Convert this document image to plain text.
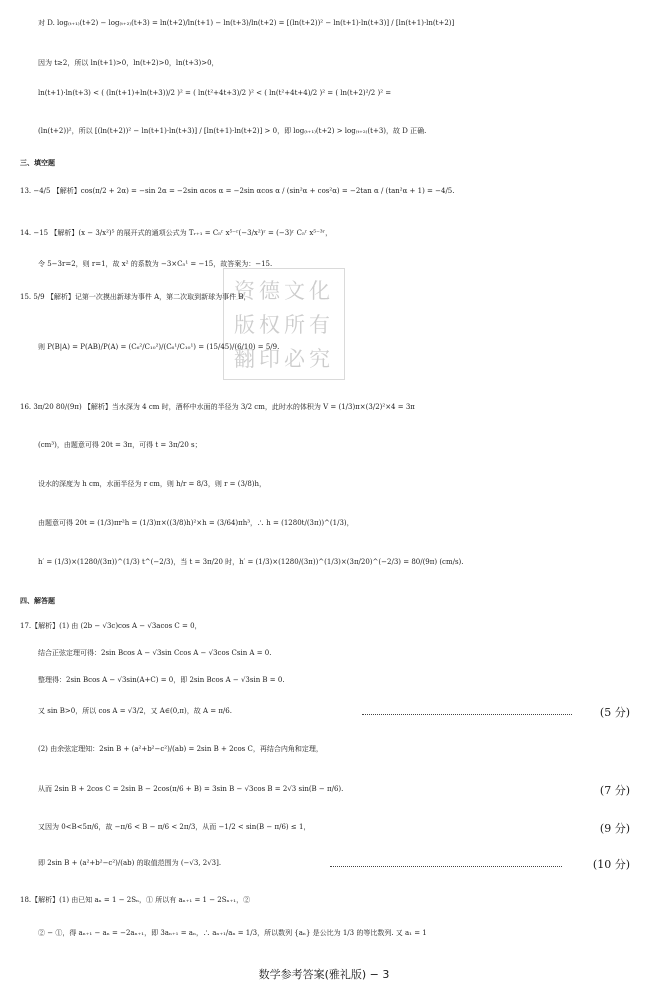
资德文化
版权所有
翻印必究
对 D. log₍ₜ₊₁₎(t+2) − log₍ₜ₊₂₎(t+3) = ln(t+2)/ln(t+1) − ln(t+3)/ln(t+2) = [(ln(t+2))² − ln(t+1)·ln(t+3)] / [ln(t+1)·ln(t+2)]
因为 t≥2，所以 ln(t+1)>0，ln(t+2)>0，ln(t+3)>0，
ln(t+1)·ln(t+3) < ( (ln(t+1)+ln(t+3))/2 )² = ( ln(t²+4t+3)/2 )² < ( ln(t²+4t+4)/2 )² = ( ln(t+2)²/2 )² =
(ln(t+2))²，所以 [(ln(t+2))² − ln(t+1)·ln(t+3)] / [ln(t+1)·ln(t+2)] > 0，即 log₍ₜ₊₁₎(t+2) > log₍ₜ₊₂₎(t+3)，故 D 正确.
三、填空题
13. −4/5 【解析】cos(π/2 + 2α) = −sin 2α = −2sin αcos α = −2sin αcos α / (sin²α + cos²α) = −2tan α / (tan²α + 1) = −4/5.
14. −15 【解析】(x − 3/x²)⁵ 的展开式的通项公式为 Tᵣ₊₁ = C₅ʳ x⁵⁻ʳ(−3/x²)ʳ = (−3)ʳ C₅ʳ x⁵⁻³ʳ，
令 5−3r=2，则 r=1，故 x² 的系数为 −3×C₅¹ = −15，故答案为：−15.
15. 5/9 【解析】记第一次摸出新球为事件 A，第二次取到新球为事件 B，
则 P(B|A) = P(AB)/P(A) = (C₆²/C₁₀²)/(C₆¹/C₁₀¹) = (15/45)/(6/10) = 5/9.
16. 3π/20 80/(9π) 【解析】当水深为 4 cm 时，酒杯中水面的半径为 3/2 cm，此时水的体积为 V = (1/3)π×(3/2)²×4 = 3π
(cm³)，由题意可得 20t = 3π，可得 t = 3π/20 s；
设水的深度为 h cm，水面半径为 r cm，则 h/r = 8/3，则 r = (3/8)h，
由题意可得 20t = (1/3)πr²h = (1/3)π×((3/8)h)²×h = (3/64)πh³，∴ h = (1280t/(3π))^(1/3)，
h′ = (1/3)×(1280/(3π))^(1/3) t^(−2/3)，当 t = 3π/20 时，h′ = (1/3)×(1280/(3π))^(1/3)×(3π/20)^(−2/3) = 80/(9π) (cm/s).
四、解答题
17.【解析】(1) 由 (2b − √3c)cos A − √3acos C = 0，
结合正弦定理可得：2sin Bcos A − √3sin Ccos A − √3cos Csin A = 0.
整理得：2sin Bcos A − √3sin(A+C) = 0，即 2sin Bcos A − √3sin B = 0.
又 sin B>0，所以 cos A = √3/2，又 A∈(0,π)，故 A = π/6.	(5 分)
(2) 由余弦定理知：2sin B + (a²+b²−c²)/(ab) = 2sin B + 2cos C，再结合内角和定理，
从而 2sin B + 2cos C = 2sin B − 2cos(π/6 + B) = 3sin B − √3cos B = 2√3 sin(B − π/6).	(7 分)
又因为 0<B<5π/6，故 −π/6 < B − π/6 < 2π/3，从而 −1/2 < sin(B − π/6) ≤ 1，	(9 分)
即 2sin B + (a²+b²−c²)/(ab) 的取值范围为 (−√3, 2√3].	(10 分)
18.【解析】(1) 由已知 aₙ = 1 − 2Sₙ，① 所以有 aₙ₊₁ = 1 − 2Sₙ₊₁，②
② − ①，得 aₙ₊₁ − aₙ = −2aₙ₊₁，即 3aₙ₊₁ = aₙ，∴ aₙ₊₁/aₙ = 1/3，所以数列 {aₙ} 是公比为 1/3 的等比数列. 又 a₁ = 1
数学参考答案(雅礼版) − 3
